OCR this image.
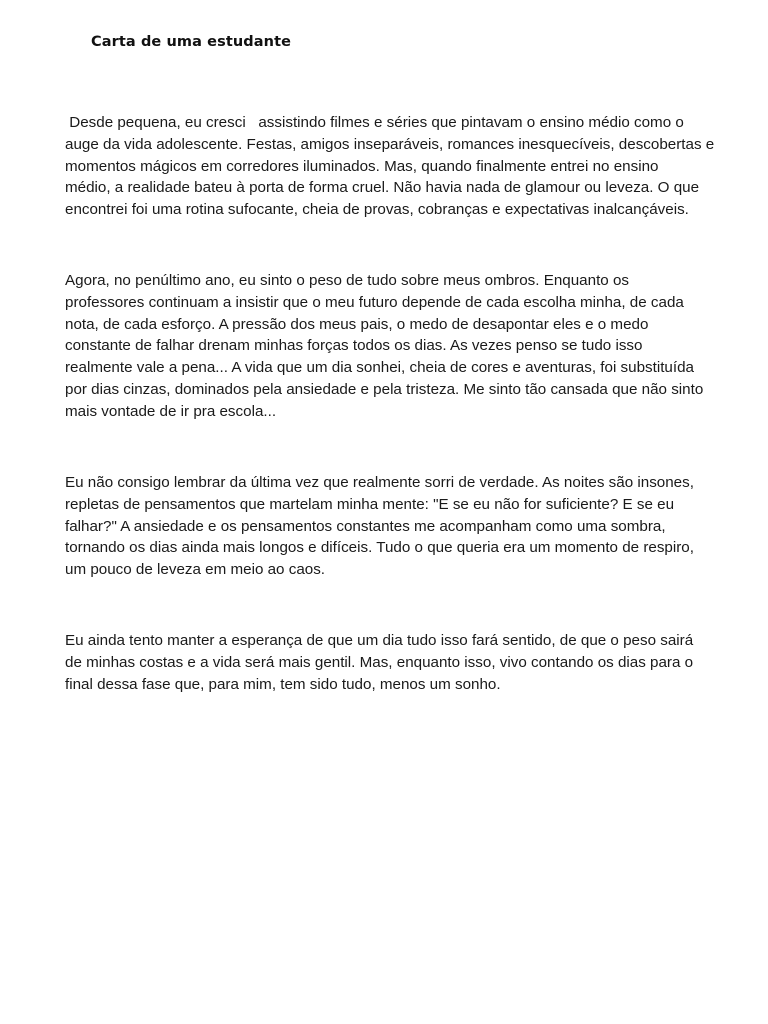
Carta de uma estudante

Desde pequena, eu cresci   assistindo filmes e séries que pintavam o ensino médio como o
auge da vida adolescente. Festas, amigos inseparáveis, romances inesquecíveis, descobertas e
momentos mágicos em corredores iluminados. Mas, quando finalmente entrei no ensino
médio, a realidade bateu à porta de forma cruel. Não havia nada de glamour ou leveza. O que
encontrei foi uma rotina sufocante, cheia de provas, cobranças e expectativas inalcançáveis.

Agora, no penúltimo ano, eu sinto o peso de tudo sobre meus ombros. Enquanto os
professores continuam a insistir que o meu futuro depende de cada escolha minha, de cada
nota, de cada esforço. A pressão dos meus pais, o medo de desapontar eles e o medo
constante de falhar drenam minhas forças todos os dias. As vezes penso se tudo isso
realmente vale a pena... A vida que um dia sonhei, cheia de cores e aventuras, foi substituída
por dias cinzas, dominados pela ansiedade e pela tristeza. Me sinto tão cansada que não sinto
mais vontade de ir pra escola...

Eu não consigo lembrar da última vez que realmente sorri de verdade. As noites são insones,
repletas de pensamentos que martelam minha mente: "E se eu não for suficiente? E se eu
falhar?" A ansiedade e os pensamentos constantes me acompanham como uma sombra,
tornando os dias ainda mais longos e difíceis. Tudo o que queria era um momento de respiro,
um pouco de leveza em meio ao caos.

Eu ainda tento manter a esperança de que um dia tudo isso fará sentido, de que o peso sairá
de minhas costas e a vida será mais gentil. Mas, enquanto isso, vivo contando os dias para o
final dessa fase que, para mim, tem sido tudo, menos um sonho.
